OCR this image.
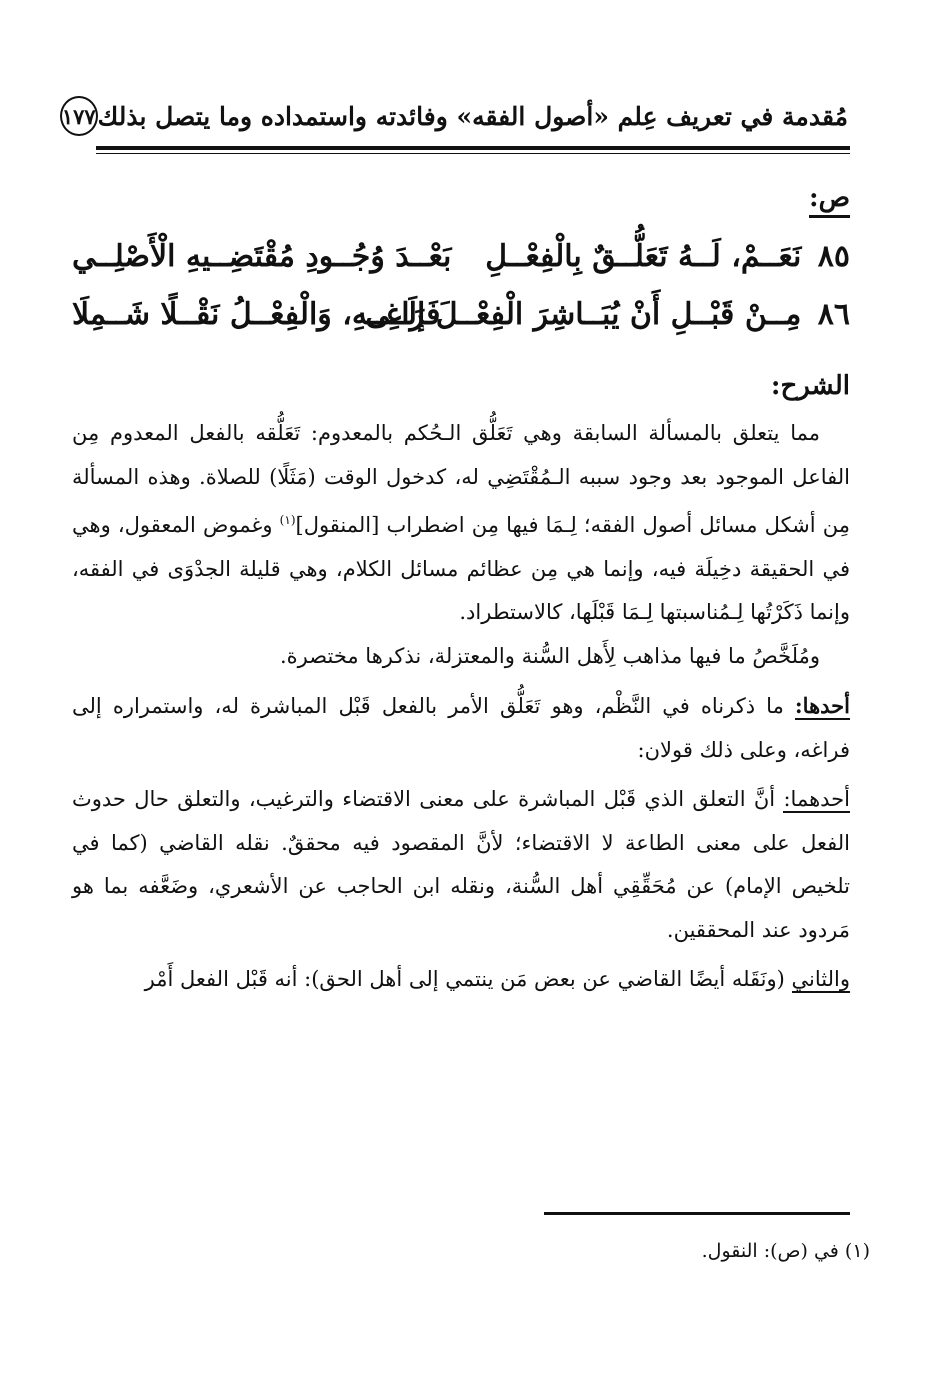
مُقدمة في تعريف عِلم «أصول الفقه» وفائدته واستمداده وما يتصل بذلك
١٧٧
ص:
٨٥ نَعَــمْ، لَــهُ تَعَلُّــقٌ بِالْفِعْــلِ
بَعْــدَ وُجُــودِ مُقْتَضِــيهِ الْأَصْلِــي
٨٦ مِــنْ قَبْــلِ أَنْ يُبَــاشِرَ الْفِعْــلَ إلَــى
فَرَاغِــهِ، وَالْفِعْــلُ نَقْــلًا شَــمِلَا
الشرح:

مما يتعلق بالمسألة السابقة وهي تَعَلُّق الـحُكم بالمعدوم: تَعَلُّقه بالفعل المعدوم مِن الفاعل الموجود بعد وجود سببه الـمُقْتَضِي له، كدخول الوقت (مَثَلًا) للصلاة. وهذه المسألة مِن أشكل مسائل أصول الفقه؛ لِـمَا فيها مِن اضطراب [المنقول]$^{(١)}$ وغموض المعقول، وهي في الحقيقة دخِيلَة فيه، وإنما هي مِن عظائم مسائل الكلام، وهي قليلة الجدْوَى في الفقه، وإنما ذَكَرْتُها لِـمُناسبتها لِـمَا قَبْلَها، كالاستطراد.

ومُلَخَّصُ ما فيها مذاهب لِأَهل السُّنة والمعتزلة، نذكرها مختصرة.

أحدها: ما ذكرناه في النَّظْم، وهو تَعَلُّق الأمر بالفعل قَبْل المباشرة له، واستمراره إلى فراغه، وعلى ذلك قولان:

أحدهما: أنَّ التعلق الذي قَبْل المباشرة على معنى الاقتضاء والترغيب، والتعلق حال حدوث الفعل على معنى الطاعة لا الاقتضاء؛ لأنَّ المقصود فيه محققٌ. نقله القاضي (كما في تلخيص الإمام) عن مُحَقِّقِي أهل السُّنة، ونقله ابن الحاجب عن الأشعري، وضَعَّفه بما هو مَردود عند المحققين.

والثاني (ونَقَله أيضًا القاضي عن بعض مَن ينتمي إلى أهل الحق): أنه قَبْل الفعل أَمْر

(١) في (ص): النقول.
